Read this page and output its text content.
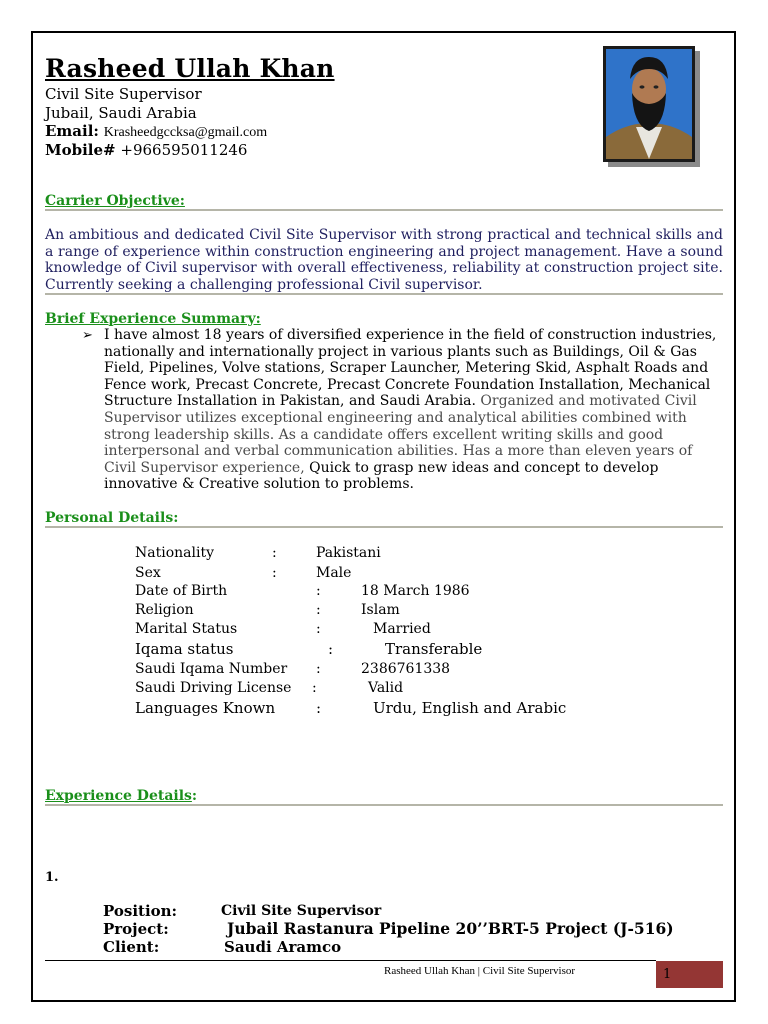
Rasheed Ullah Khan
Civil Site Supervisor
Jubail, Saudi Arabia
Email: Krasheedgccksa@gmail.com
Mobile# +966595011246
Carrier Objective:
An ambitious and dedicated Civil Site Supervisor with strong practical and technical skills and a range of experience within construction engineering and project management. Have a sound knowledge of Civil supervisor with overall effectiveness, reliability at construction project site. Currently seeking a challenging professional Civil supervisor.
Brief Experience Summary:
➢ I have almost 18 years of diversified experience in the field of construction industries, nationally and internationally project in various plants such as Buildings, Oil & Gas Field, Pipelines, Volve stations, Scraper Launcher, Metering Skid, Asphalt Roads and Fence work, Precast Concrete, Precast Concrete Foundation Installation, Mechanical Structure Installation in Pakistan, and Saudi Arabia. Organized and motivated Civil Supervisor utilizes exceptional engineering and analytical abilities combined with strong leadership skills. As a candidate offers excellent writing skills and good interpersonal and verbal communication abilities. Has a more than eleven years of Civil Supervisor experience, Quick to grasp new ideas and concept to develop innovative & Creative solution to problems.
Personal Details:
Nationality	:	Pakistani
Sex	:	Male
Date of Birth	:	18 March 1986
Religion	:	Islam
Marital Status	:	Married
Iqama status	:	Transferable
Saudi Iqama Number :	2386761338
Saudi Driving License :	Valid
Languages Known	:	Urdu, English and Arabic
Experience Details:
1.
Position:	Civil Site Supervisor
Project:	Jubail Rastanura Pipeline 20’’BRT-5 Project (J-516)
Client:	Saudi Aramco
Rasheed Ullah Khan | Civil Site Supervisor	1
